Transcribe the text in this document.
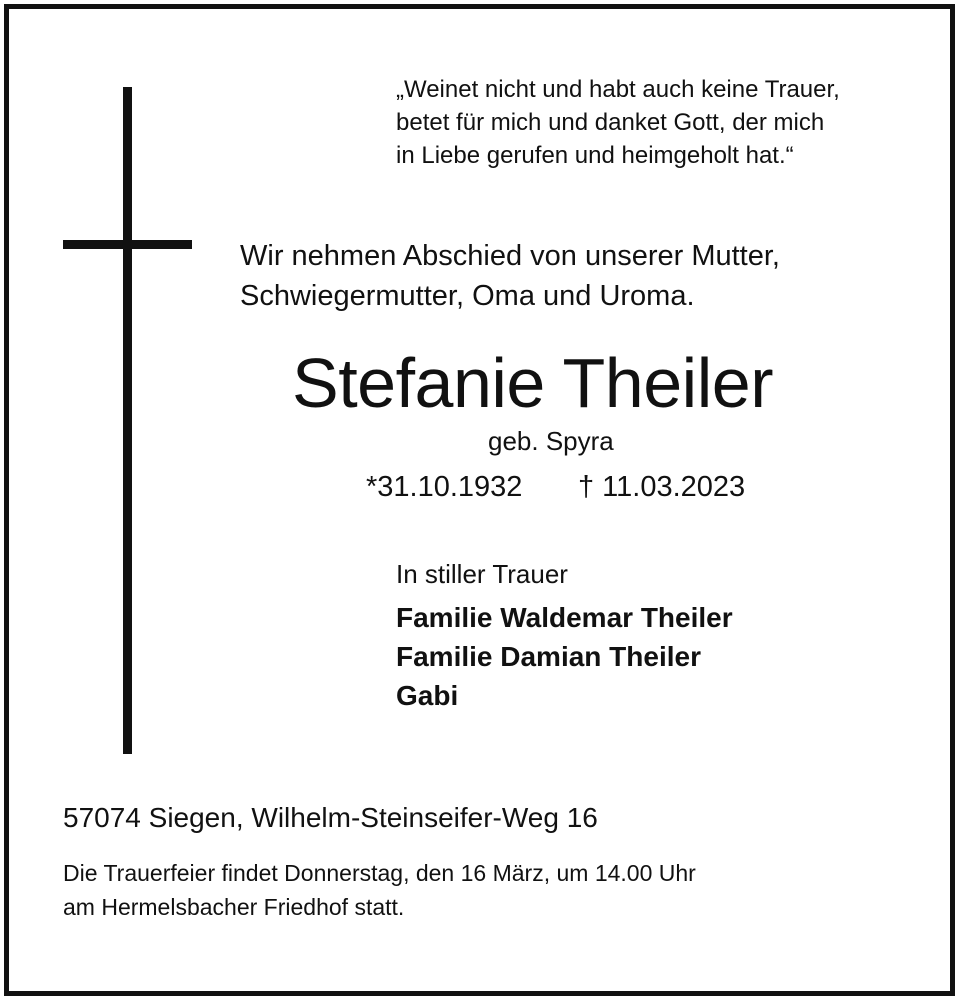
„Weinet nicht und habt auch keine Trauer,
betet für mich und danket Gott, der mich
in Liebe gerufen und heimgeholt hat.“
Wir nehmen Abschied von unserer Mutter,
Schwiegermutter, Oma und Uroma.
Stefanie Theiler
geb. Spyra
*31.10.1932 † 11.03.2023
In stiller Trauer
Familie Waldemar Theiler
Familie Damian Theiler
Gabi
57074 Siegen, Wilhelm-Steinseifer-Weg 16
Die Trauerfeier findet Donnerstag, den 16 März, um 14.00 Uhr
am Hermelsbacher Friedhof statt.
